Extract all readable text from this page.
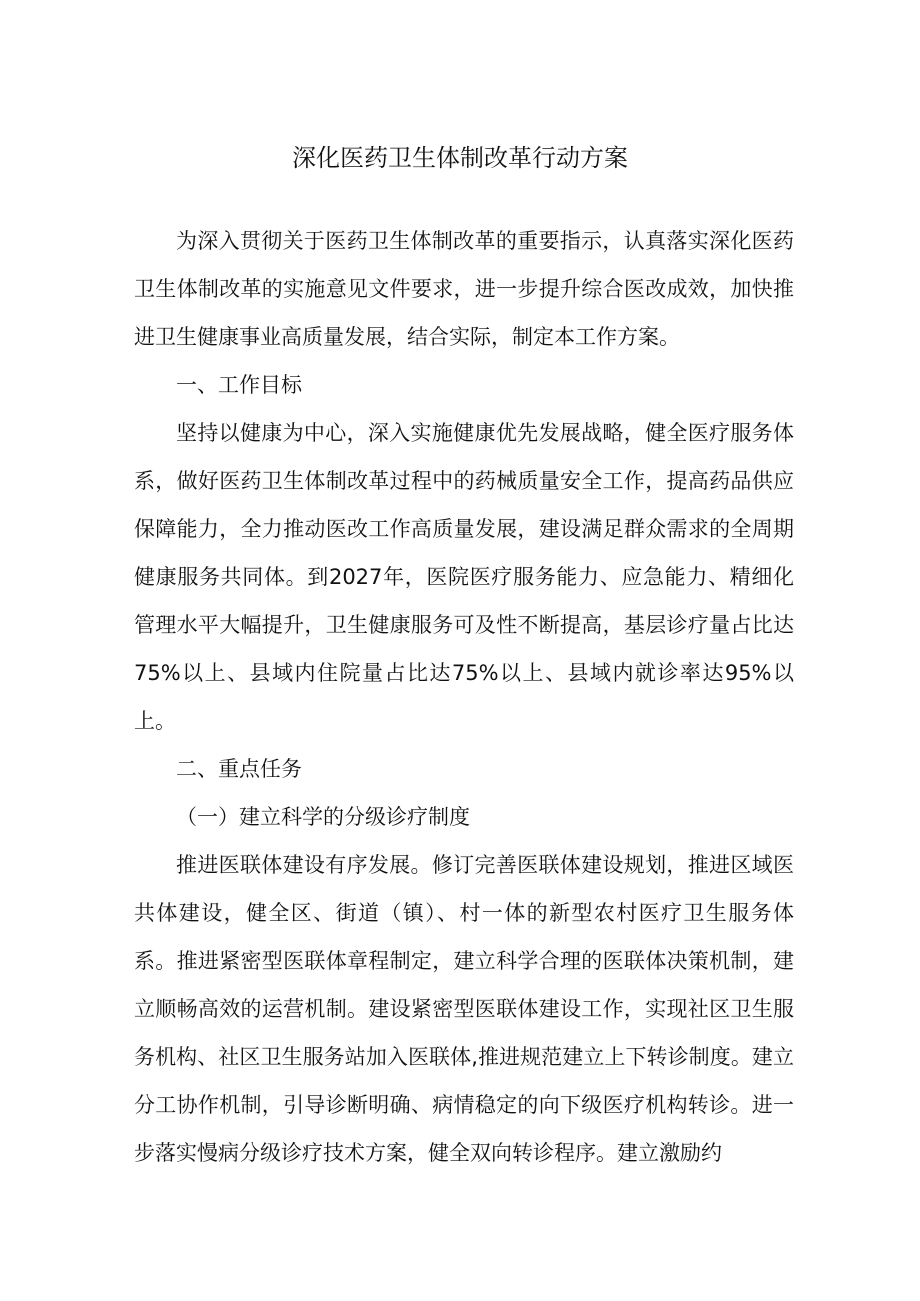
深化医药卫生体制改革行动方案

为深入贯彻关于医药卫生体制改革的重要指示，认真落实深化医药卫生体制改革的实施意见文件要求，进一步提升综合医改成效，加快推进卫生健康事业高质量发展，结合实际，制定本工作方案。

一、工作目标

坚持以健康为中心，深入实施健康优先发展战略，健全医疗服务体系，做好医药卫生体制改革过程中的药械质量安全工作，提高药品供应保障能力，全力推动医改工作高质量发展，建设满足群众需求的全周期健康服务共同体。到2027年，医院医疗服务能力、应急能力、精细化管理水平大幅提升，卫生健康服务可及性不断提高，基层诊疗量占比达75%以上、县域内住院量占比达75%以上、县域内就诊率达95%以上。

二、重点任务

（一）建立科学的分级诊疗制度

推进医联体建设有序发展。修订完善医联体建设规划，推进区域医共体建设，健全区、街道（镇）、村一体的新型农村医疗卫生服务体系。推进紧密型医联体章程制定，建立科学合理的医联体决策机制，建立顺畅高效的运营机制。建设紧密型医联体建设工作，实现社区卫生服务机构、社区卫生服务站加入医联体,推进规范建立上下转诊制度。建立分工协作机制，引导诊断明确、病情稳定的向下级医疗机构转诊。进一步落实慢病分级诊疗技术方案，健全双向转诊程序。建立激励约
